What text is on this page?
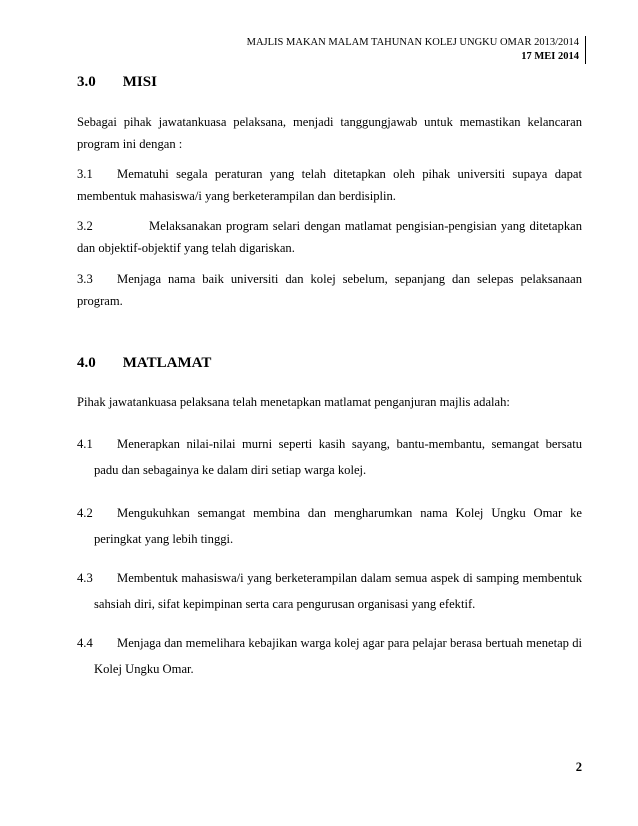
MAJLIS MAKAN MALAM TAHUNAN KOLEJ UNGKU OMAR 2013/2014
17 MEI 2014
3.0 MISI

Sebagai pihak jawatankuasa pelaksana, menjadi tanggungjawab untuk memastikan kelancaran program ini dengan :

3.1 Mematuhi segala peraturan yang telah ditetapkan oleh pihak universiti supaya dapat membentuk mahasiswa/i yang berketerampilan dan berdisiplin.

3.2	Melaksanakan program selari dengan matlamat pengisian-pengisian yang ditetapkan dan objektif-objektif yang telah digariskan.

3.3 Menjaga nama baik universiti dan kolej sebelum, sepanjang dan selepas pelaksanaan program.

4.0 MATLAMAT

Pihak jawatankuasa pelaksana telah menetapkan matlamat penganjuran majlis adalah:

4.1	Menerapkan nilai-nilai murni seperti kasih sayang, bantu-membantu, semangat bersatu padu dan sebagainya ke dalam diri setiap warga kolej.

4.2	Mengukuhkan semangat membina dan mengharumkan nama Kolej Ungku Omar ke peringkat yang lebih tinggi.

4.3	Membentuk mahasiswa/i yang berketerampilan dalam semua aspek di samping membentuk sahsiah diri, sifat kepimpinan serta cara pengurusan organisasi yang efektif.

4.4	Menjaga dan memelihara kebajikan warga kolej agar para pelajar berasa bertuah menetap di Kolej Ungku Omar.

2
